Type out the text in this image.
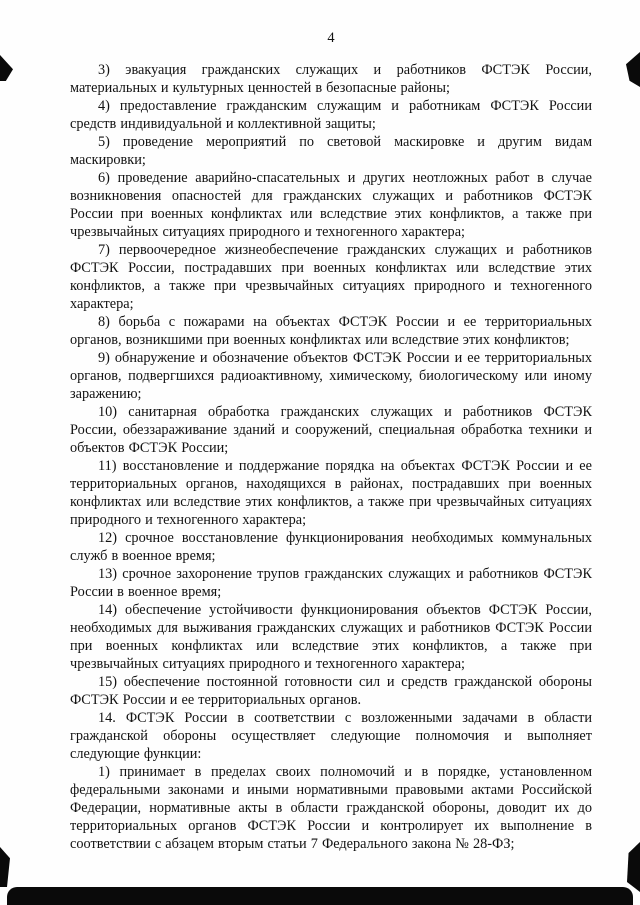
4

3) эвакуация гражданских служащих и работников ФСТЭК России, материальных и культурных ценностей в безопасные районы;

4) предоставление гражданским служащим и работникам ФСТЭК России средств индивидуальной и коллективной защиты;

5) проведение мероприятий по световой маскировке и другим видам маскировки;

6) проведение аварийно-спасательных и других неотложных работ в случае возникновения опасностей для гражданских служащих и работников ФСТЭК России при военных конфликтах или вследствие этих конфликтов, а также при чрезвычайных ситуациях природного и техногенного характера;

7) первоочередное жизнеобеспечение гражданских служащих и работников ФСТЭК России, пострадавших при военных конфликтах или вследствие этих конфликтов, а также при чрезвычайных ситуациях природного и техногенного характера;

8) борьба с пожарами на объектах ФСТЭК России и ее территориальных органов, возникшими при военных конфликтах или вследствие этих конфликтов;

9) обнаружение и обозначение объектов ФСТЭК России и ее территориальных органов, подвергшихся радиоактивному, химическому, биологическому или иному заражению;

10) санитарная обработка гражданских служащих и работников ФСТЭК России, обеззараживание зданий и сооружений, специальная обработка техники и объектов ФСТЭК России;

11) восстановление и поддержание порядка на объектах ФСТЭК России и ее территориальных органов, находящихся в районах, пострадавших при военных конфликтах или вследствие этих конфликтов, а также при чрезвычайных ситуациях природного и техногенного характера;

12) срочное восстановление функционирования необходимых коммунальных служб в военное время;

13) срочное захоронение трупов гражданских служащих и работников ФСТЭК России в военное время;

14) обеспечение устойчивости функционирования объектов ФСТЭК России, необходимых для выживания гражданских служащих и работников ФСТЭК России при военных конфликтах или вследствие этих конфликтов, а также при чрезвычайных ситуациях природного и техногенного характера;

15) обеспечение постоянной готовности сил и средств гражданской обороны ФСТЭК России и ее территориальных органов.

14. ФСТЭК России в соответствии с возложенными задачами в области гражданской обороны осуществляет следующие полномочия и выполняет следующие функции:

1) принимает в пределах своих полномочий и в порядке, установленном федеральными законами и иными нормативными правовыми актами Российской Федерации, нормативные акты в области гражданской обороны, доводит их до территориальных органов ФСТЭК России и контролирует их выполнение в соответствии с абзацем вторым статьи 7 Федерального закона № 28-ФЗ;
